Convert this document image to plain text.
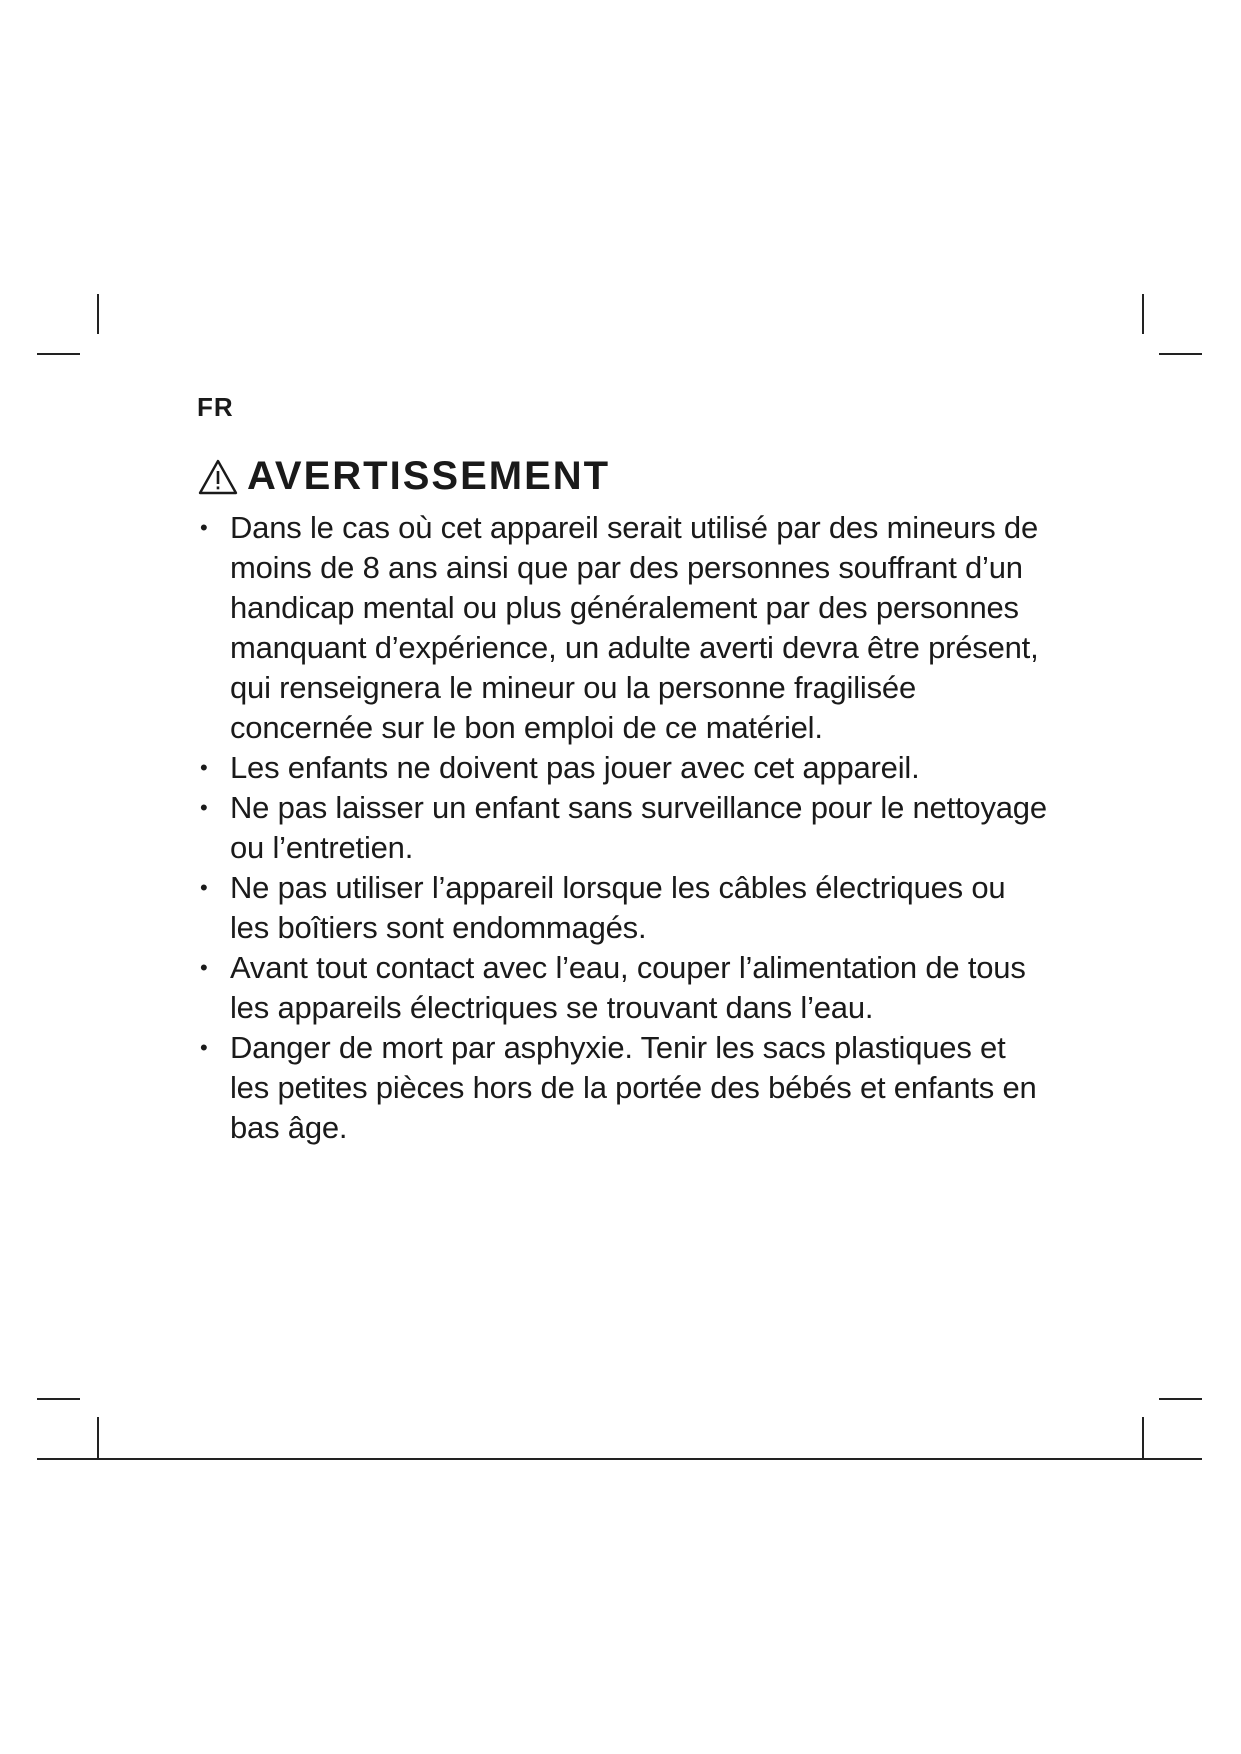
FR
AVERTISSEMENT
• Dans le cas où cet appareil serait utilisé par des mineurs de moins de 8 ans ainsi que par des personnes souffrant d’un handicap mental ou plus généralement par des personnes manquant d’expérience, un adulte averti devra être présent, qui renseignera le mineur ou la personne fragilisée concernée sur le bon emploi de ce matériel.
• Les enfants ne doivent pas jouer avec cet appareil.
• Ne pas laisser un enfant sans surveillance pour le nettoyage ou l’entretien.
• Ne pas utiliser l’appareil lorsque les câbles électriques ou les boîtiers sont endommagés.
• Avant tout contact avec l’eau, couper l’alimentation de tous les appareils électriques se trouvant dans l’eau.
• Danger de mort par asphyxie. Tenir les sacs plastiques et les petites pièces hors de la portée des bébés et enfants en bas âge.
